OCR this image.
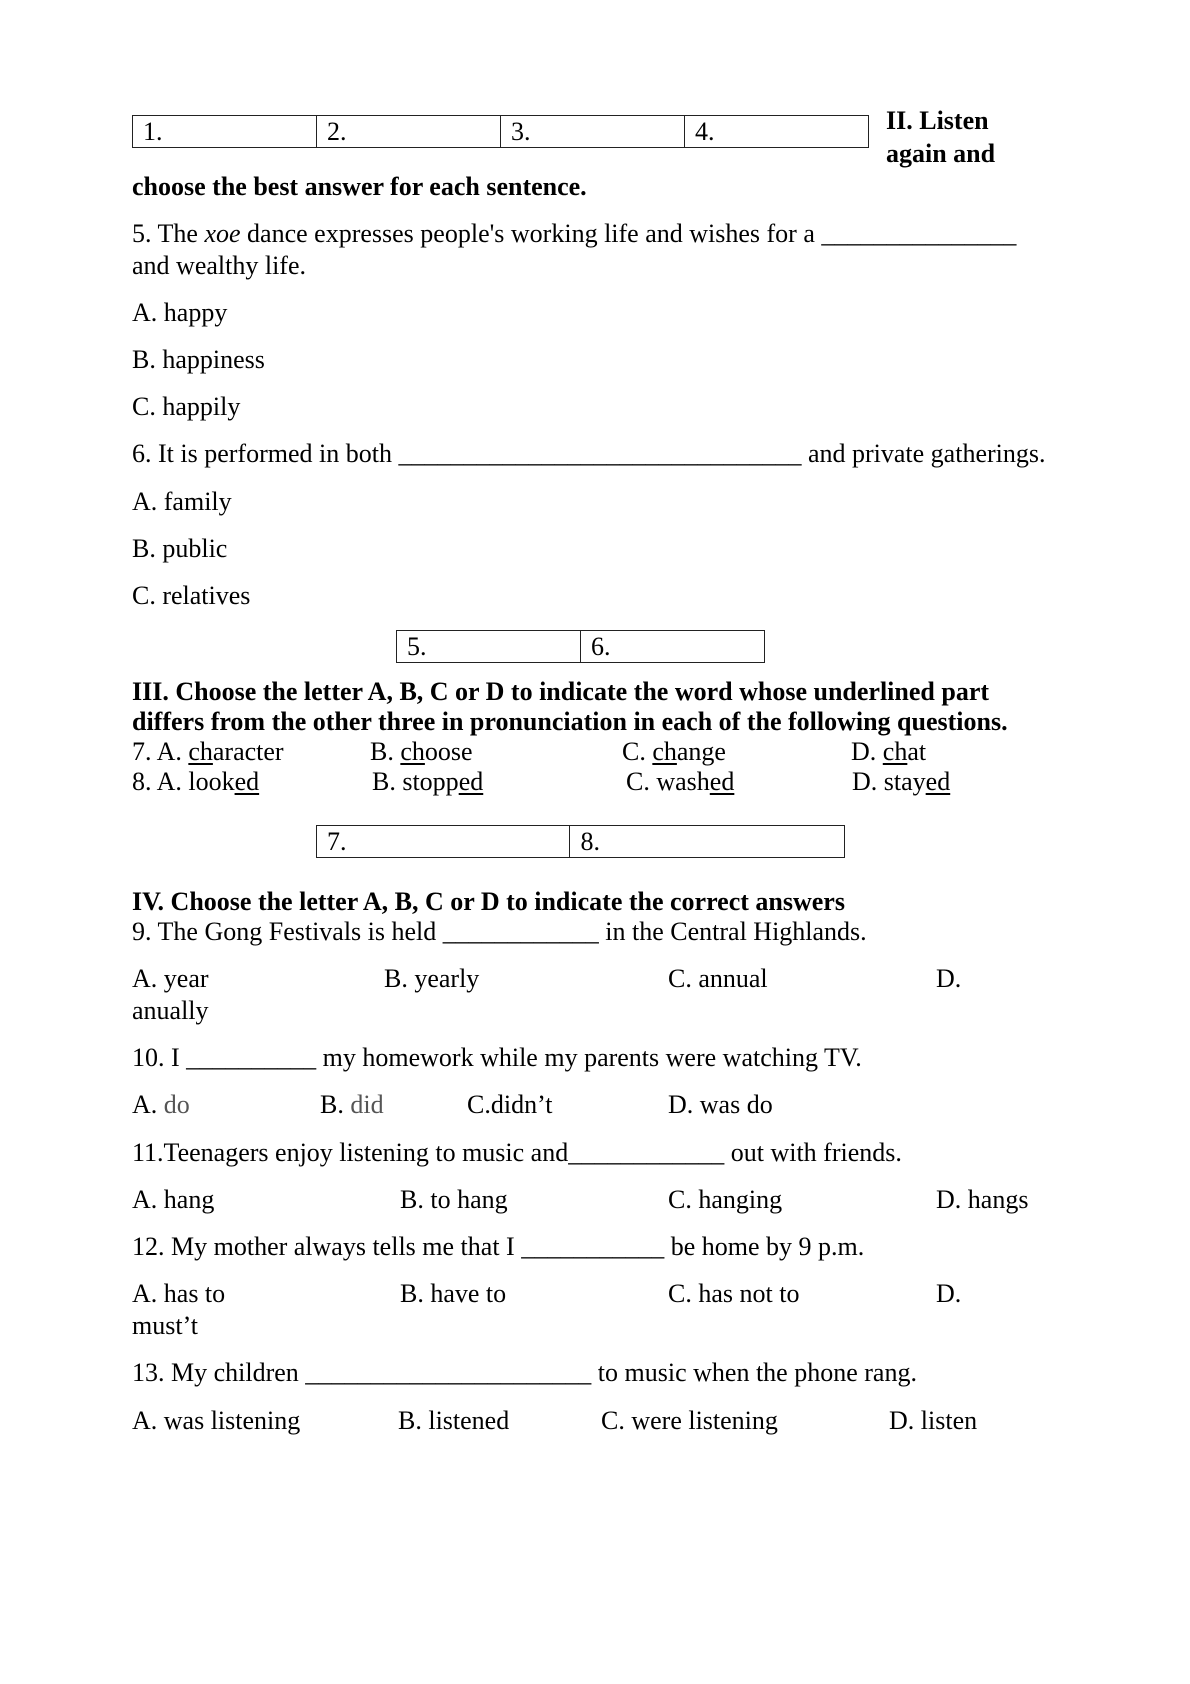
1.	2.	3.	4.	II. Listen
again and
choose the best answer for each sentence.
5. The xoe dance expresses people's working life and wishes for a _______________
and wealthy life.
A. happy
B. happiness
C. happily
6. It is performed in both _______________________________ and private gatherings.
A. family
B. public
C. relatives
5.	6.
III. Choose the letter A, B, C or D to indicate the word whose underlined part
differs from the other three in pronunciation in each of the following questions.
7. A. character	B. choose	C. change	D. chat
8. A. looked	B. stopped	C. washed	D. stayed
7.	8.
IV. Choose the letter A, B, C or D to indicate the correct answers
9. The Gong Festivals is held ____________ in the Central Highlands.
A. year	B. yearly	C. annual	D.
anually
10. I __________ my homework while my parents were watching TV.
A. do	B. did	C.didn’t	D. was do
11.Teenagers enjoy listening to music and____________ out with friends.
A. hang	B. to hang	C. hanging	D. hangs
12. My mother always tells me that I ___________ be home by 9 p.m.
A. has to	B. have to	C. has not to	D.
must’t
13. My children ______________________ to music when the phone rang.
A. was listening	B. listened	C. were listening	D. listen
